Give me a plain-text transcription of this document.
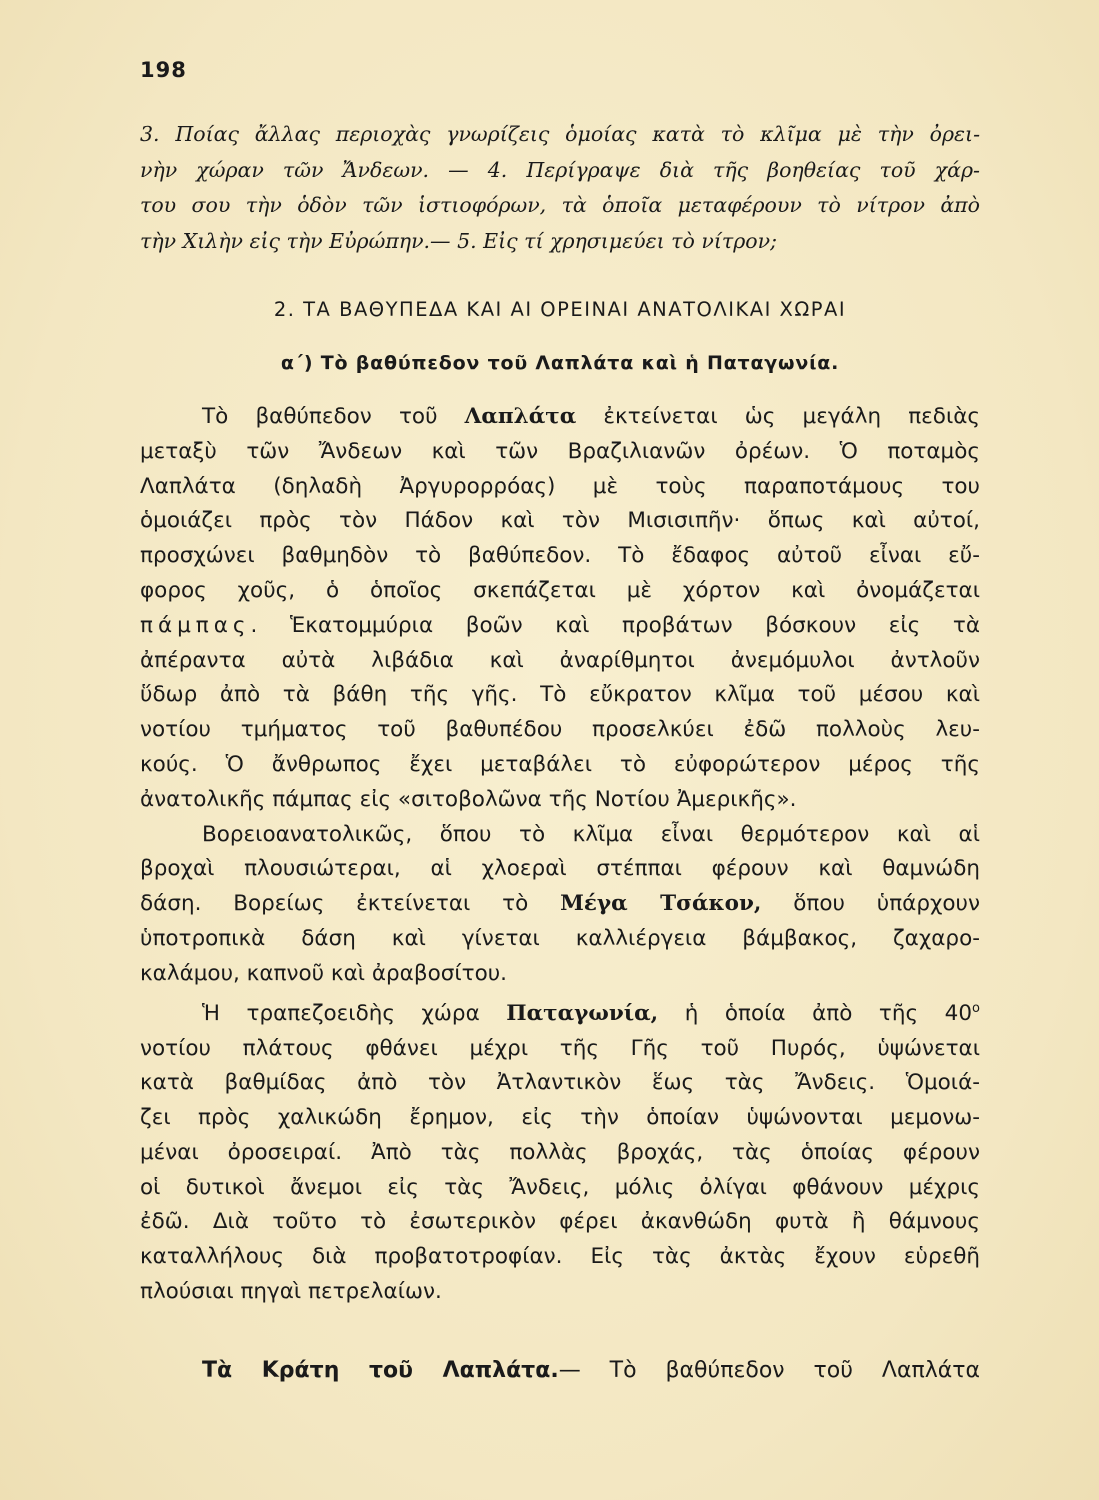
198
3. Ποίας ἄλλας περιοχὰς γνωρίζεις ὁμοίας κατὰ τὸ κλῖμα μὲ τὴν ὀρει-
νὴν χώραν τῶν Ἄνδεων. — 4. Περίγραψε διὰ τῆς βοηθείας τοῦ χάρ-
του σου τὴν ὁδὸν τῶν ἱστιοφόρων, τὰ ὁποῖα μεταφέρουν τὸ νίτρον ἀπὸ
τὴν Χιλὴν εἰς τὴν Εὐρώπην.— 5. Εἰς τί χρησιμεύει τὸ νίτρον;
2. ΤΑ ΒΑΘΥΠΕΔΑ ΚΑΙ ΑΙ ΟΡΕΙΝΑΙ ΑΝΑΤΟΛΙΚΑΙ ΧΩΡΑΙ
α΄) Τὸ βαθύπεδον τοῦ Λαπλάτα καὶ ἡ Παταγωνία.
Τὸ βαθύπεδον τοῦ Λαπλάτα ἐκτείνεται ὡς μεγάλη πεδιὰς
μεταξὺ τῶν Ἄνδεων καὶ τῶν Βραζιλιανῶν ὀρέων. Ὁ ποταμὸς
Λαπλάτα (δηλαδὴ Ἀργυρορρόας) μὲ τοὺς παραποτάμους του
ὁμοιάζει πρὸς τὸν Πάδον καὶ τὸν Μισισιπῆν· ὅπως καὶ αὐτοί,
προσχώνει βαθμηδὸν τὸ βαθύπεδον. Τὸ ἔδαφος αὐτοῦ εἶναι εὔ-
φορος χοῦς, ὁ ὁποῖος σκεπάζεται μὲ χόρτον καὶ ὀνομάζεται
πάμπας. Ἑκατομμύρια βοῶν καὶ προβάτων βόσκουν εἰς τὰ
ἀπέραντα αὐτὰ λιβάδια καὶ ἀναρίθμητοι ἀνεμόμυλοι ἀντλοῦν
ὕδωρ ἀπὸ τὰ βάθη τῆς γῆς. Τὸ εὔκρατον κλῖμα τοῦ μέσου καὶ
νοτίου τμήματος τοῦ βαθυπέδου προσελκύει ἐδῶ πολλοὺς λευ-
κούς. Ὁ ἄνθρωπος ἔχει μεταβάλει τὸ εὐφορώτερον μέρος τῆς
ἀνατολικῆς πάμπας εἰς «σιτοβολῶνα τῆς Νοτίου Ἀμερικῆς».
Βορειοανατολικῶς, ὅπου τὸ κλῖμα εἶναι θερμότερον καὶ αἱ
βροχαὶ πλουσιώτεραι, αἱ χλοεραὶ στέππαι φέρουν καὶ θαμνώδη
δάση. Βορείως ἐκτείνεται τὸ Μέγα Τσάκον, ὅπου ὑπάρχουν
ὑποτροπικὰ δάση καὶ γίνεται καλλιέργεια βάμβακος, ζαχαρο-
καλάμου, καπνοῦ καὶ ἀραβοσίτου.
Ἡ τραπεζοειδὴς χώρα Παταγωνία, ἡ ὁποία ἀπὸ τῆς $40^o$
νοτίου πλάτους φθάνει μέχρι τῆς Γῆς τοῦ Πυρός, ὑψώνεται
κατὰ βαθμίδας ἀπὸ τὸν Ἀτλαντικὸν ἕως τὰς Ἄνδεις. Ὁμοιά-
ζει πρὸς χαλικώδη ἔρημον, εἰς τὴν ὁποίαν ὑψώνονται μεμονω-
μέναι ὀροσειραί. Ἀπὸ τὰς πολλὰς βροχάς, τὰς ὁποίας φέρουν
οἱ δυτικοὶ ἄνεμοι εἰς τὰς Ἄνδεις, μόλις ὀλίγαι φθάνουν μέχρις
ἐδῶ. Διὰ τοῦτο τὸ ἐσωτερικὸν φέρει ἀκανθώδη φυτὰ ἢ θάμνους
καταλλήλους διὰ προβατοτροφίαν. Εἰς τὰς ἀκτὰς ἔχουν εὑρεθῆ
πλούσιαι πηγαὶ πετρελαίων.
Τὰ Κράτη τοῦ Λαπλάτα.— Τὸ βαθύπεδον τοῦ Λαπλάτα
